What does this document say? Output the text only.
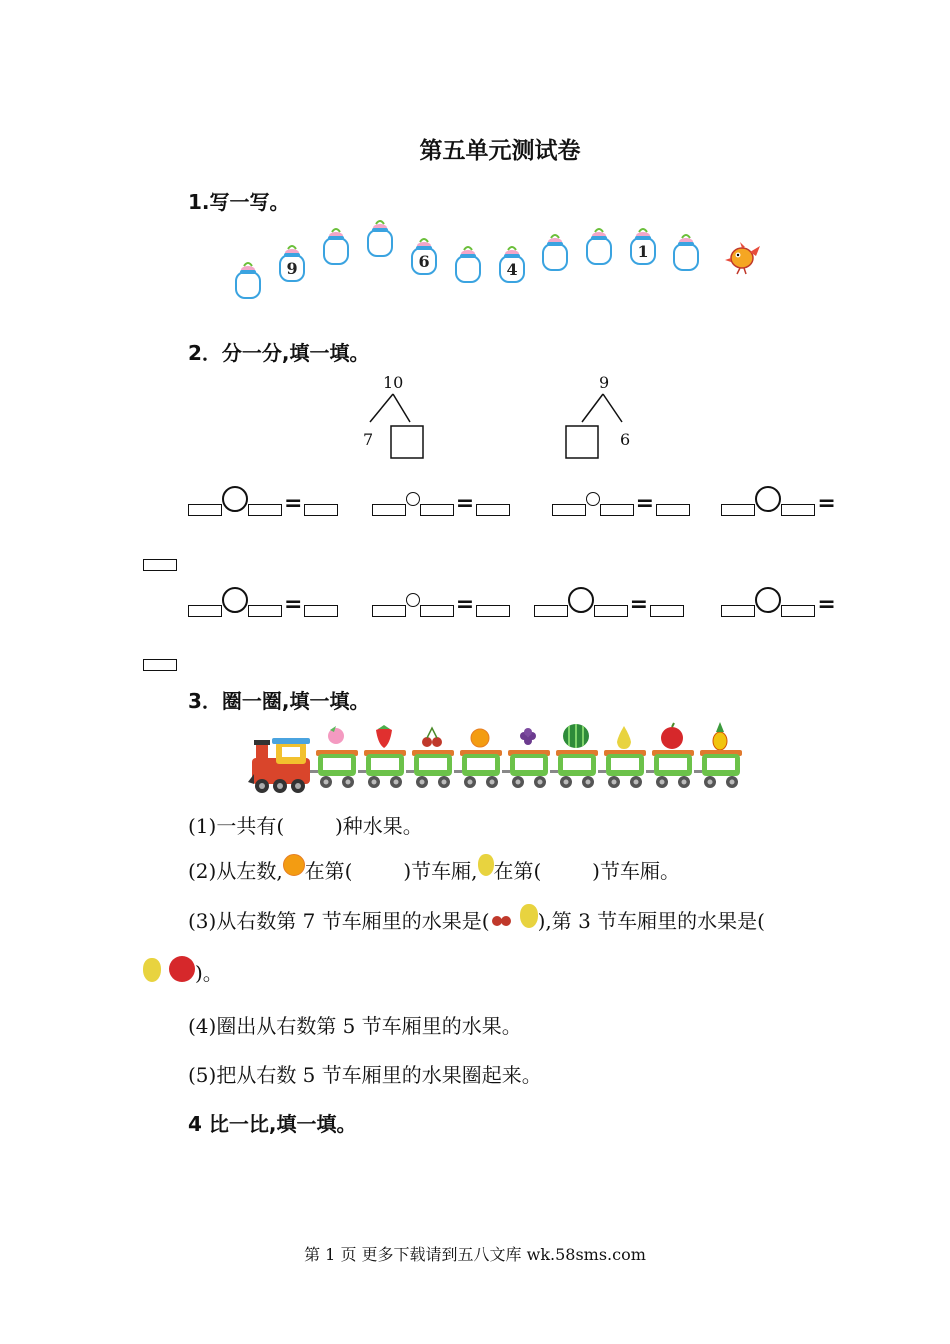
第五单元测试卷
1.写一写。
9	6	4
1
2．分一分,填一填。
10
7
9
6
=	=	=	=
=	=	=	=
3．圈一圈,填一填。
(1)一共有(        )种水果。
(2)从左数, 在第(        )节车厢, 在第(        )节车厢。
(3)从右数第 7 节车厢里的水果是( ),第 3 节车厢里的水果是(
)。
(4)圈出从右数第 5 节车厢里的水果。
(5)把从右数 5 节车厢里的水果圈起来。
4 比一比,填一填。
第 1 页 更多下载请到五八文库 wk.58sms.com
